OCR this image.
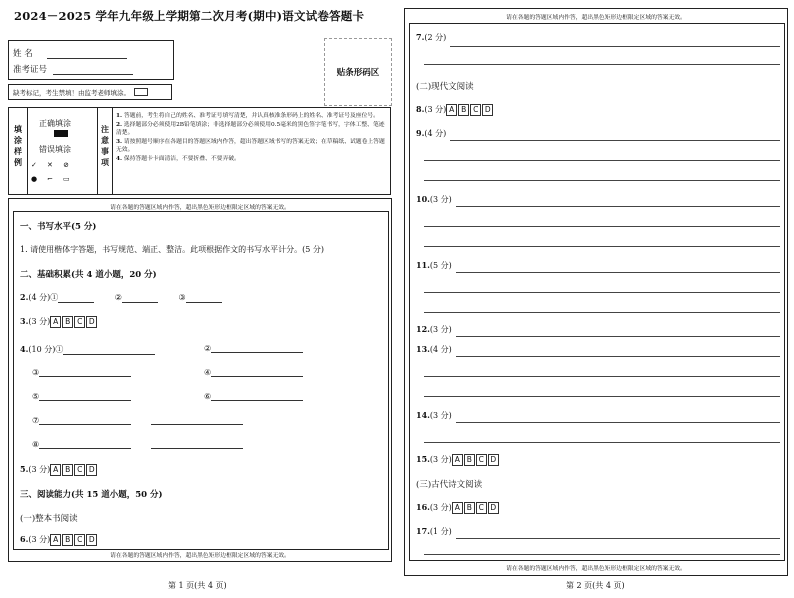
2024－2025 学年九年级上学期第二次月考(期中)语文试卷答题卡
姓 名
准考证号	贴条形码区
缺考标记，考生禁填！由监考老师填涂。
填
涂
样
例
正确填涂
错误填涂
✓ ✕ ⊘
● ⌐ ▭
注
意
事
项
1. 答题前，考生将自己的姓名、准考证号填写清楚，并认真核准条形码上的姓名、准考证号及座位号。
2. 选择题部分必须使用2B铅笔填涂；非选择题部分必须使用0.5毫米的黑色签字笔书写，字体工整、笔迹清楚。
3. 请按照题号顺序在各题目的答题区域内作答，超出答题区域书写的答案无效；在草稿纸、试题卷上答题无效。
4. 保持答题卡卡面清洁，不要折叠、不要弄破。
请在各题的答题区域内作答，超出黑色矩形边框限定区域的答案无效。
一、书写水平(5 分)
1. 请使用楷体字答题，书写规范、端正、整洁。此项根据作文的书写水平计分。(5 分)
二、基础积累(共 4 道小题，20 分)
2.(4 分)①	②	③
3.(3 分) A B C D
4.(10 分)①	②
③	④
⑤	⑥
⑦
⑧
5.(3 分) A B C D
三、阅读能力(共 15 道小题，50 分)
(一)整本书阅读
6.(3 分) A B C D
请在各题的答题区域内作答，超出黑色矩形边框限定区域的答案无效。
第 1 页(共 4 页)
请在各题的答题区域内作答，超出黑色矩形边框限定区域的答案无效。
7.(2 分)
(二)现代文阅读
8.(3 分) A B C D
9.(4 分)
10.(3 分)
11.(5 分)
12.(3 分)
13.(4 分)
14.(3 分)
15.(3 分) A B C D
(三)古代诗文阅读
16.(3 分) A B C D
17.(1 分)
请在各题的答题区域内作答，超出黑色矩形边框限定区域的答案无效。
第 2 页(共 4 页)
